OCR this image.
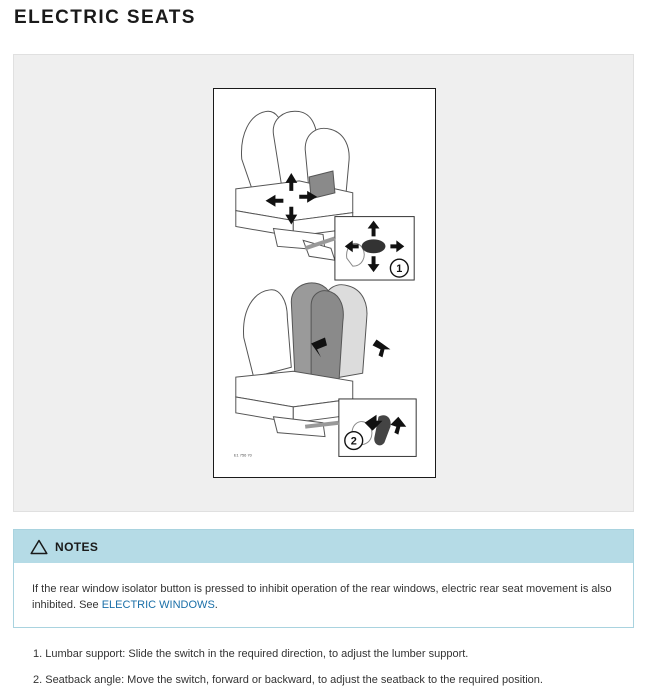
ELECTRIC SEATS
1
2
E1 756 70
NOTES
If the rear window isolator button is pressed to inhibit operation of the rear windows, electric rear seat movement is also inhibited. See ELECTRIC WINDOWS.
1. Lumbar support: Slide the switch in the required direction, to adjust the lumber support.
2. Seatback angle: Move the switch, forward or backward, to adjust the seatback to the required position.
